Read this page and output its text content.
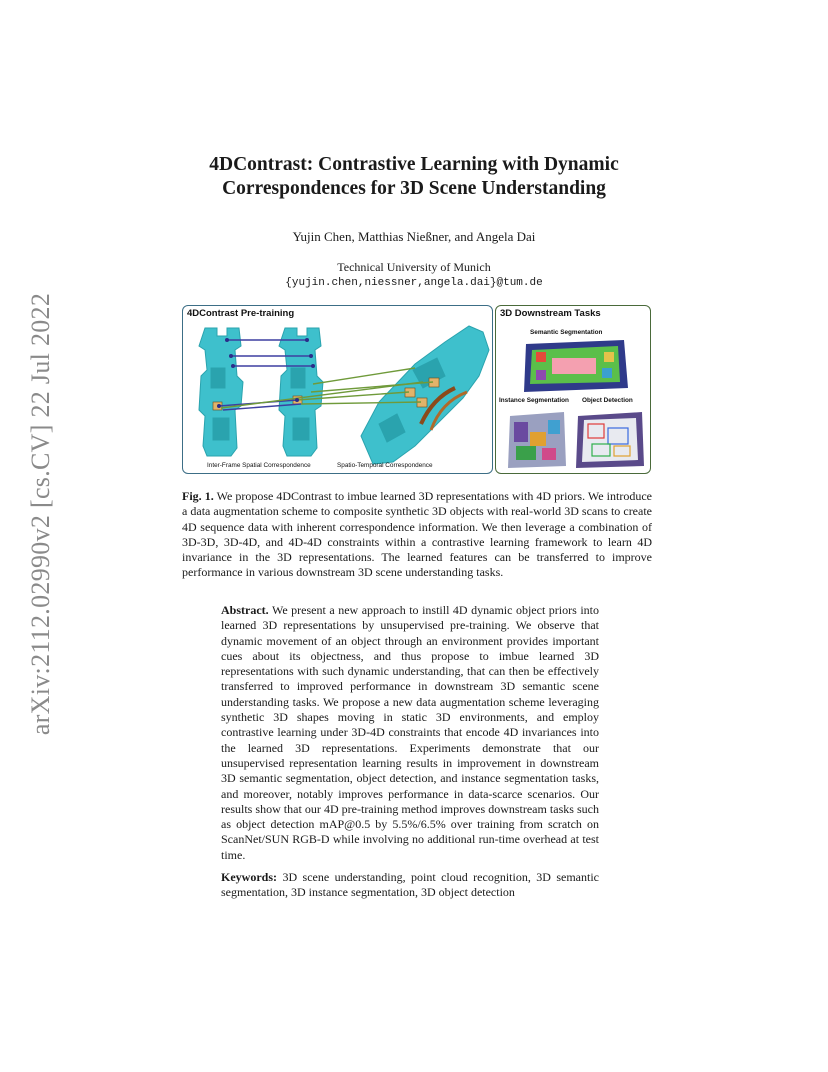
arXiv:2112.02990v2 [cs.CV] 22 Jul 2022
4DContrast: Contrastive Learning with Dynamic
Correspondences for 3D Scene Understanding
Yujin Chen, Matthias Nießner, and Angela Dai
Technical University of Munich
{yujin.chen,niessner,angela.dai}@tum.de
4DContrast Pre-training
Inter-Frame Spatial Correspondence	Spatio-Temporal Correspondence
3D Downstream Tasks
Semantic Segmentation
Instance Segmentation Object Detection
Fig. 1. We propose 4DContrast to imbue learned 3D representations with 4D priors. We introduce a data augmentation scheme to composite synthetic 3D objects with real-world 3D scans to create 4D sequence data with inherent correspondence information. We then leverage a combination of 3D-3D, 3D-4D, and 4D-4D constraints within a contrastive learning framework to learn 4D invariance in the 3D representations. The learned features can be transferred to improve performance in various downstream 3D scene understanding tasks.
Abstract. We present a new approach to instill 4D dynamic object priors into learned 3D representations by unsupervised pre-training. We observe that dynamic movement of an object through an environment provides important cues about its objectness, and thus propose to imbue learned 3D representations with such dynamic understanding, that can then be effectively transferred to improved performance in downstream 3D semantic scene understanding tasks. We propose a new data augmentation scheme leveraging synthetic 3D shapes moving in static 3D environments, and employ contrastive learning under 3D-4D constraints that encode 4D invariances into the learned 3D representations. Experiments demonstrate that our unsupervised representation learning results in improvement in downstream 3D semantic segmentation, object detection, and instance segmentation tasks, and moreover, notably improves performance in data-scarce scenarios. Our results show that our 4D pre-training method improves downstream tasks such as object detection mAP@0.5 by 5.5%/6.5% over training from scratch on ScanNet/SUN RGB-D while involving no additional run-time overhead at test time.
Keywords: 3D scene understanding, point cloud recognition, 3D semantic segmentation, 3D instance segmentation, 3D object detection
